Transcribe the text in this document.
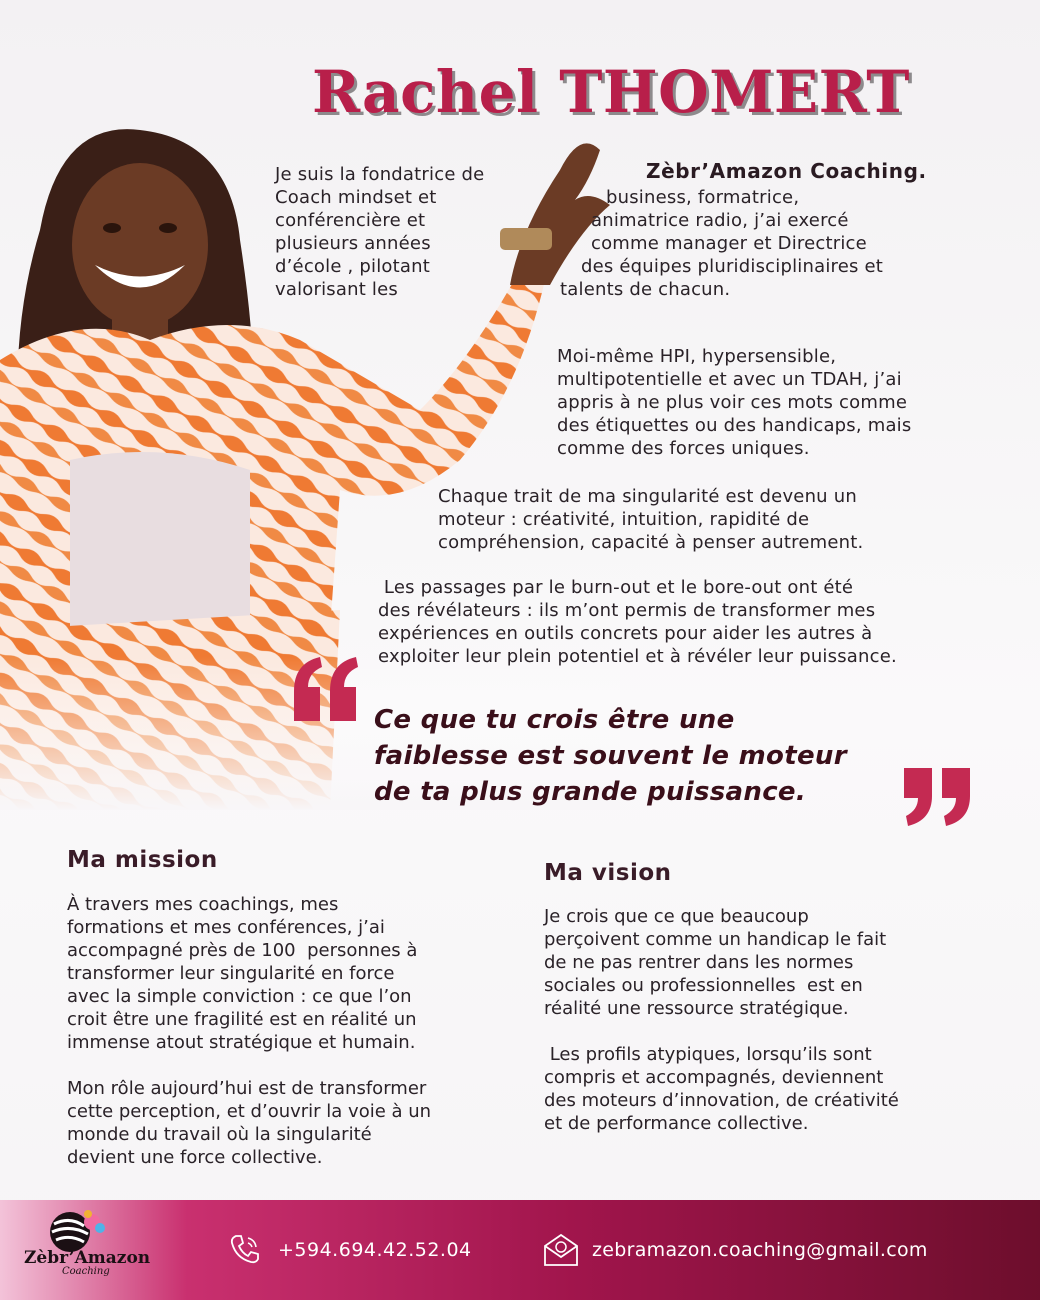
Rachel THOMERT
Je suis la fondatrice de
Coach mindset et
conférencière et
plusieurs années
d’école , pilotant
valorisant les
Zèbr’Amazon Coaching.
business, formatrice,
animatrice radio, j’ai exercé
comme manager et Directrice
des équipes pluridisciplinaires et
talents de chacun.
Moi-même HPI, hypersensible,
multipotentielle et avec un TDAH, j’ai
appris à ne plus voir ces mots comme
des étiquettes ou des handicaps, mais
comme des forces uniques.
Chaque trait de ma singularité est devenu un
moteur : créativité, intuition, rapidité de
compréhension, capacité à penser autrement.
Les passages par le burn-out et le bore-out ont été
des révélateurs : ils m’ont permis de transformer mes
expériences en outils concrets pour aider les autres à
exploiter leur plein potentiel et à révéler leur puissance.
Ce que tu crois être une
faiblesse est souvent le moteur
de ta plus grande puissance.
Ma mission
À travers mes coachings, mes
formations et mes conférences, j’ai
accompagné près de 100  personnes à
transformer leur singularité en force
avec la simple conviction : ce que l’on
croit être une fragilité est en réalité un
immense atout stratégique et humain.
Mon rôle aujourd’hui est de transformer
cette perception, et d’ouvrir la voie à un
monde du travail où la singularité
devient une force collective.
Ma vision
Je crois que ce que beaucoup
perçoivent comme un handicap le fait
de ne pas rentrer dans les normes
sociales ou professionnelles  est en
réalité une ressource stratégique.
Les profils atypiques, lorsqu’ils sont
compris et accompagnés, deviennent
des moteurs d’innovation, de créativité
et de performance collective.
Zèbr’Amazon
Coaching
+594.694.42.52.04	zebramazon.coaching@gmail.com
